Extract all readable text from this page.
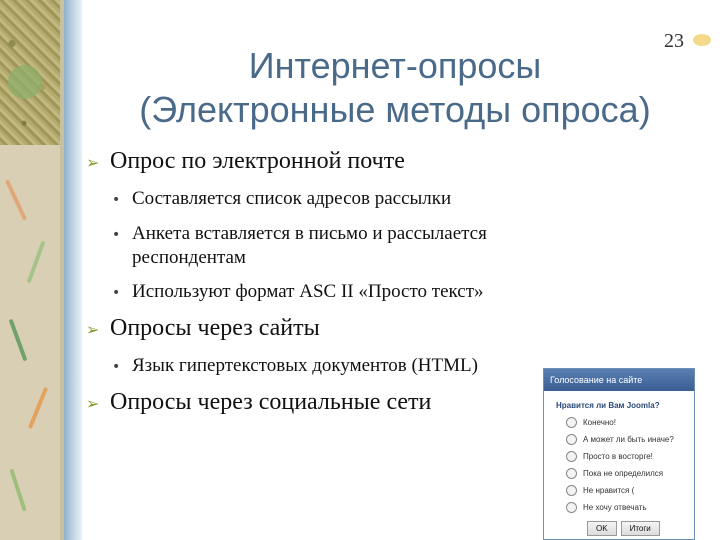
23
Интернет-опросы
(Электронные методы опроса)
➢ Опрос по электронной почте
• Составляется список адресов рассылки
• Анкета вставляется в письмо и рассылается респондентам
• Используют формат ASC II «Просто текст»
➢ Опросы через сайты
• Язык гипертекстовых документов (HTML)
➢ Опросы через социальные сети
Голосование на сайте
Нравится ли Вам Joomla?
Конечно!
А может ли быть иначе?
Просто в восторге!
Пока не определился
Не нравится (
Не хочу отвечать
OK	Итоги
